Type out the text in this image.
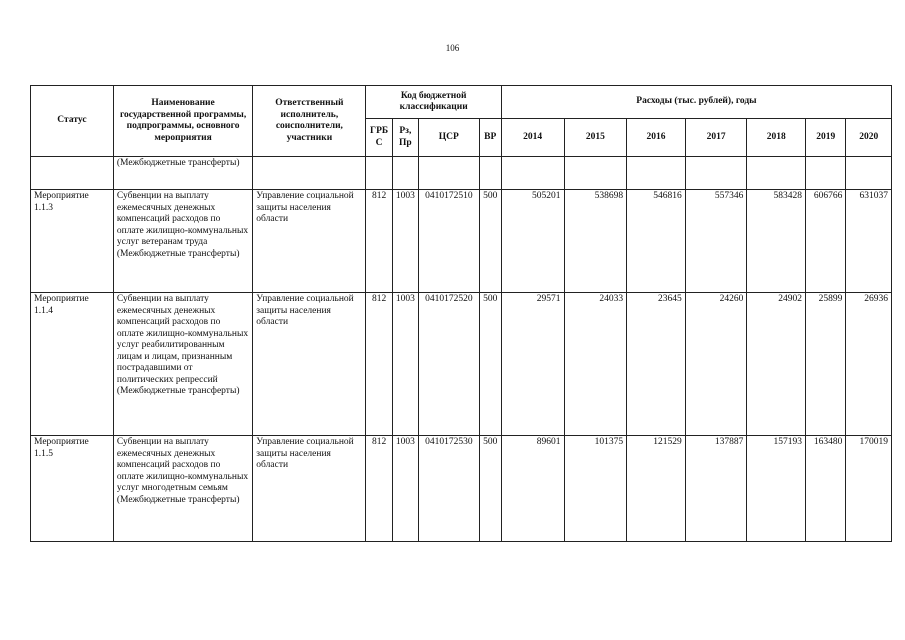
106
Статус	Наименование государственной программы, подпрограммы, основного мероприятия	Ответственный исполнитель, соисполнители, участники	Код бюджетной классификации				Расходы (тыс. рублей), годы						
			ГРБС	Рз, Пр	ЦСР	ВР	2014	2015	2016	2017	2018	2019	2020
	(Межбюджетные трансферты)												
Мероприятие 1.1.3	Субвенции на выплату ежемесячных денежных компенсаций расходов по оплате жилищно-коммунальных услуг ветеранам труда (Межбюджетные трансферты)	Управление социальной защиты населения области	812	1003	0410172510	500	505201	538698	546816	557346	583428	606766	631037
Мероприятие 1.1.4	Субвенции на выплату ежемесячных денежных компенсаций расходов по оплате жилищно-коммунальных услуг реабилитированным лицам и лицам, признанным пострадавшими от политических репрессий (Межбюджетные трансферты)	Управление социальной защиты населения области	812	1003	0410172520	500	29571	24033	23645	24260	24902	25899	26936
Мероприятие 1.1.5	Субвенции на выплату ежемесячных денежных компенсаций расходов по оплате жилищно-коммунальных услуг многодетным семьям (Межбюджетные трансферты)	Управление социальной защиты населения области	812	1003	0410172530	500	89601	101375	121529	137887	157193	163480	170019
